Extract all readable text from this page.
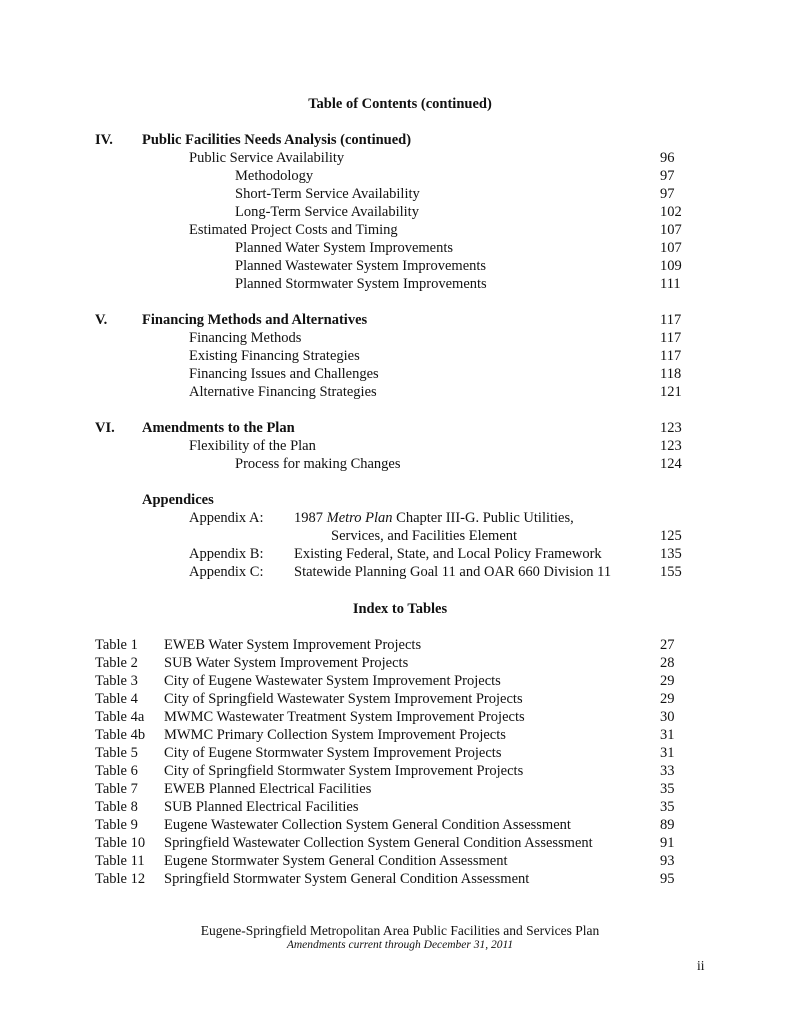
Table of Contents (continued)
IV. Public Facilities Needs Analysis (continued)
Public Service Availability	96
Methodology	97
Short-Term Service Availability	97
Long-Term Service Availability	102
Estimated Project Costs and Timing	107
Planned Water System Improvements	107
Planned Wastewater System Improvements	109
Planned Stormwater System Improvements	111
V. Financing Methods and Alternatives	117
Financing Methods	117
Existing Financing Strategies	117
Financing Issues and Challenges	118
Alternative Financing Strategies	121
VI. Amendments to the Plan	123
Flexibility of the Plan	123
Process for making Changes	124
Appendices
Appendix A: 1987 Metro Plan Chapter III-G. Public Utilities,
Services, and Facilities Element	125
Appendix B: Existing Federal, State, and Local Policy Framework	135
Appendix C: Statewide Planning Goal 11 and OAR 660 Division 11	155
Index to Tables
Table 1 EWEB Water System Improvement Projects	27
Table 2 SUB Water System Improvement Projects	28
Table 3 City of Eugene Wastewater System Improvement Projects	29
Table 4 City of Springfield Wastewater System Improvement Projects	29
Table 4a MWMC Wastewater Treatment System Improvement Projects	30
Table 4b MWMC Primary Collection System Improvement Projects	31
Table 5 City of Eugene Stormwater System Improvement Projects	31
Table 6 City of Springfield Stormwater System Improvement Projects	33
Table 7 EWEB Planned Electrical Facilities	35
Table 8 SUB Planned Electrical Facilities	35
Table 9 Eugene Wastewater Collection System General Condition Assessment	89
Table 10 Springfield Wastewater Collection System General Condition Assessment	91
Table 11 Eugene Stormwater System General Condition Assessment	93
Table 12 Springfield Stormwater System General Condition Assessment	95
Eugene-Springfield Metropolitan Area Public Facilities and Services Plan
Amendments current through December 31, 2011
ii
